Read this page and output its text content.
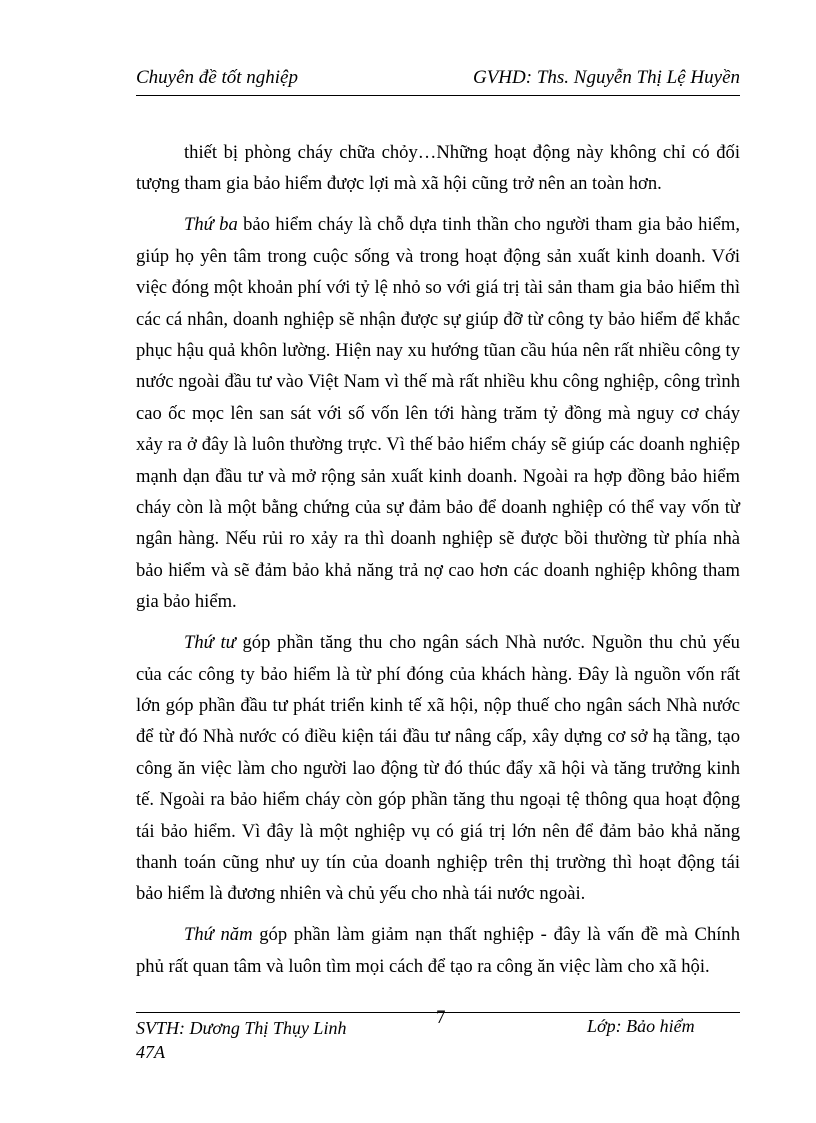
Chuyên đề tốt nghiệp	GVHD: Ths. Nguyễn Thị Lệ Huyền

thiết bị phòng cháy chữa chỏy…Những hoạt động này không chỉ có đối tượng tham gia bảo hiểm được lợi mà xã hội cũng trở nên an toàn hơn.

Thứ ba bảo hiểm cháy là chỗ dựa tinh thần cho người tham gia bảo hiểm, giúp họ yên tâm trong cuộc sống và trong hoạt động sản xuất kinh doanh. Với việc đóng một khoản phí với tỷ lệ nhỏ so với giá trị tài sản tham gia bảo hiểm thì các cá nhân, doanh nghiệp sẽ nhận được sự giúp đỡ từ công ty bảo hiểm để khắc phục hậu quả khôn lường. Hiện nay xu hướng tũan cầu húa nên rất nhiều công ty nước ngoài đầu tư vào Việt Nam vì thế mà rất nhiều khu công nghiệp, công trình cao ốc mọc lên san sát với số vốn lên tới hàng trăm tỷ đồng mà nguy cơ cháy xảy ra ở đây là luôn thường trực. Vì thế bảo hiểm cháy sẽ giúp các doanh nghiệp mạnh dạn đầu tư và mở rộng sản xuất kinh doanh. Ngoài ra hợp đồng bảo hiểm cháy còn là một bằng chứng của sự đảm bảo để doanh nghiệp có thể vay vốn từ ngân hàng. Nếu rủi ro xảy ra thì doanh nghiệp sẽ được bồi thường từ phía nhà bảo hiểm và sẽ đảm bảo khả năng trả nợ cao hơn các doanh nghiệp không tham gia bảo hiểm.

Thứ tư góp phần tăng thu cho ngân sách Nhà nước. Nguồn thu chủ yếu của các công ty bảo hiểm là từ phí đóng của khách hàng. Đây là nguồn vốn rất lớn góp phần đầu tư phát triển kinh tế xã hội, nộp thuế cho ngân sách Nhà nước để từ đó Nhà nước có điều kiện tái đầu tư nâng cấp, xây dựng cơ sở hạ tầng, tạo công ăn việc làm cho người lao động từ đó thúc đẩy xã hội và tăng trưởng kinh tế. Ngoài ra bảo hiểm cháy còn góp phần tăng thu ngoại tệ thông qua hoạt động tái bảo hiểm. Vì đây là một nghiệp vụ có giá trị lớn nên để đảm bảo khả năng thanh toán cũng như uy tín của doanh nghiệp trên thị trường thì hoạt động tái bảo hiểm là đương nhiên và chủ yếu cho nhà tái nước ngoài.

Thứ năm góp phần làm giảm nạn thất nghiệp - đây là vấn đề mà Chính phủ rất quan tâm và luôn tìm mọi cách để tạo ra công ăn việc làm cho xã hội.

SVTH: Dương Thị Thụy Linh 47A
7	Lớp: Bảo hiểm
